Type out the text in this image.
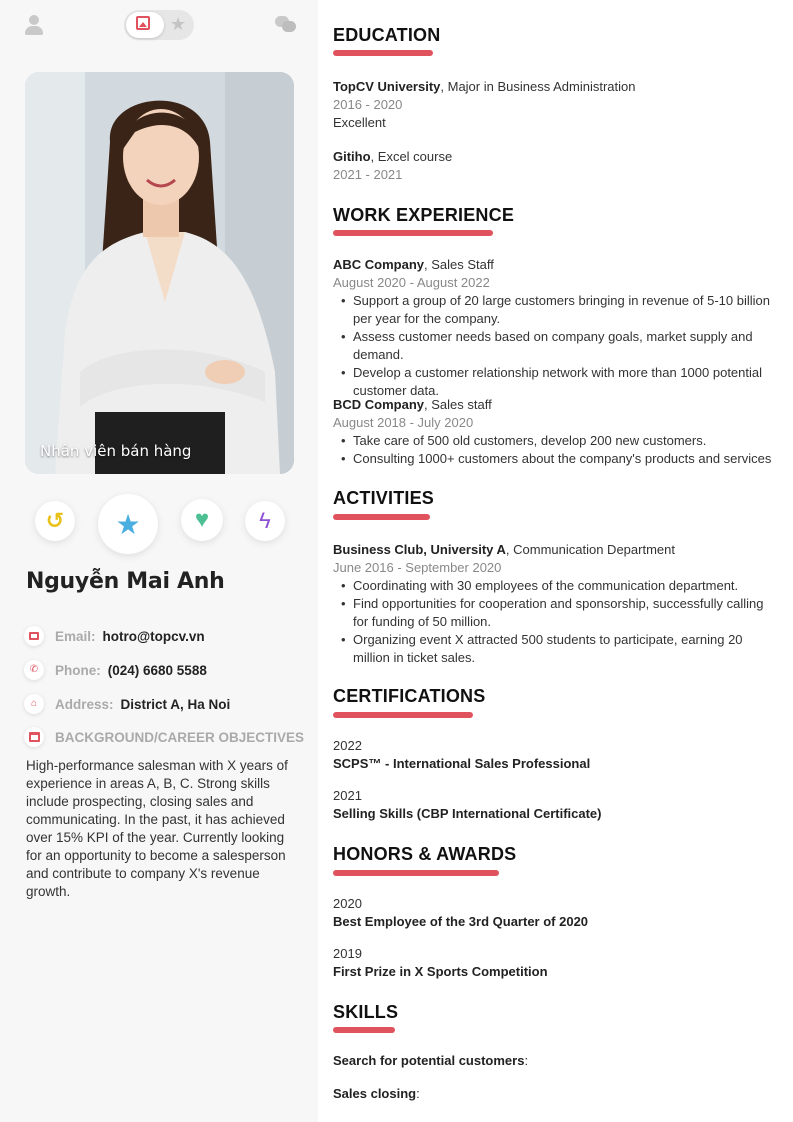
★
Nhân viên bán hàng
↺ ★ ♥ ϟ
Nguyễn Mai Anh
Email: hotro@topcv.vn
✆ Phone: (024) 6680 5588
⌂ Address: District A, Ha Noi
BACKGROUND/CAREER OBJECTIVES
High-performance salesman with X years of experience in areas A, B, C. Strong skills include prospecting, closing sales and communicating. In the past, it has achieved over 15% KPI of the year. Currently looking for an opportunity to become a salesperson and contribute to company X's revenue growth.
EDUCATION
TopCV University, Major in Business Administration
2016 - 2020
Excellent
Gitiho, Excel course
2021 - 2021
WORK EXPERIENCE
ABC Company, Sales Staff
August 2020 - August 2022
• Support a group of 20 large customers bringing in revenue of 5-10 billion per year for the company.
• Assess customer needs based on company goals, market supply and demand.
• Develop a customer relationship network with more than 1000 potential customer data.
BCD Company, Sales staff
August 2018 - July 2020
• Take care of 500 old customers, develop 200 new customers.
• Consulting 1000+ customers about the company's products and services
ACTIVITIES
Business Club, University A, Communication Department
June 2016 - September 2020
• Coordinating with 30 employees of the communication department.
• Find opportunities for cooperation and sponsorship, successfully calling for funding of 50 million.
• Organizing event X attracted 500 students to participate, earning 20 million in ticket sales.
CERTIFICATIONS
2022
SCPS™ - International Sales Professional
2021
Selling Skills (CBP International Certificate)
HONORS & AWARDS
2020
Best Employee of the 3rd Quarter of 2020
2019
First Prize in X Sports Competition
SKILLS
Search for potential customers:
Sales closing:
